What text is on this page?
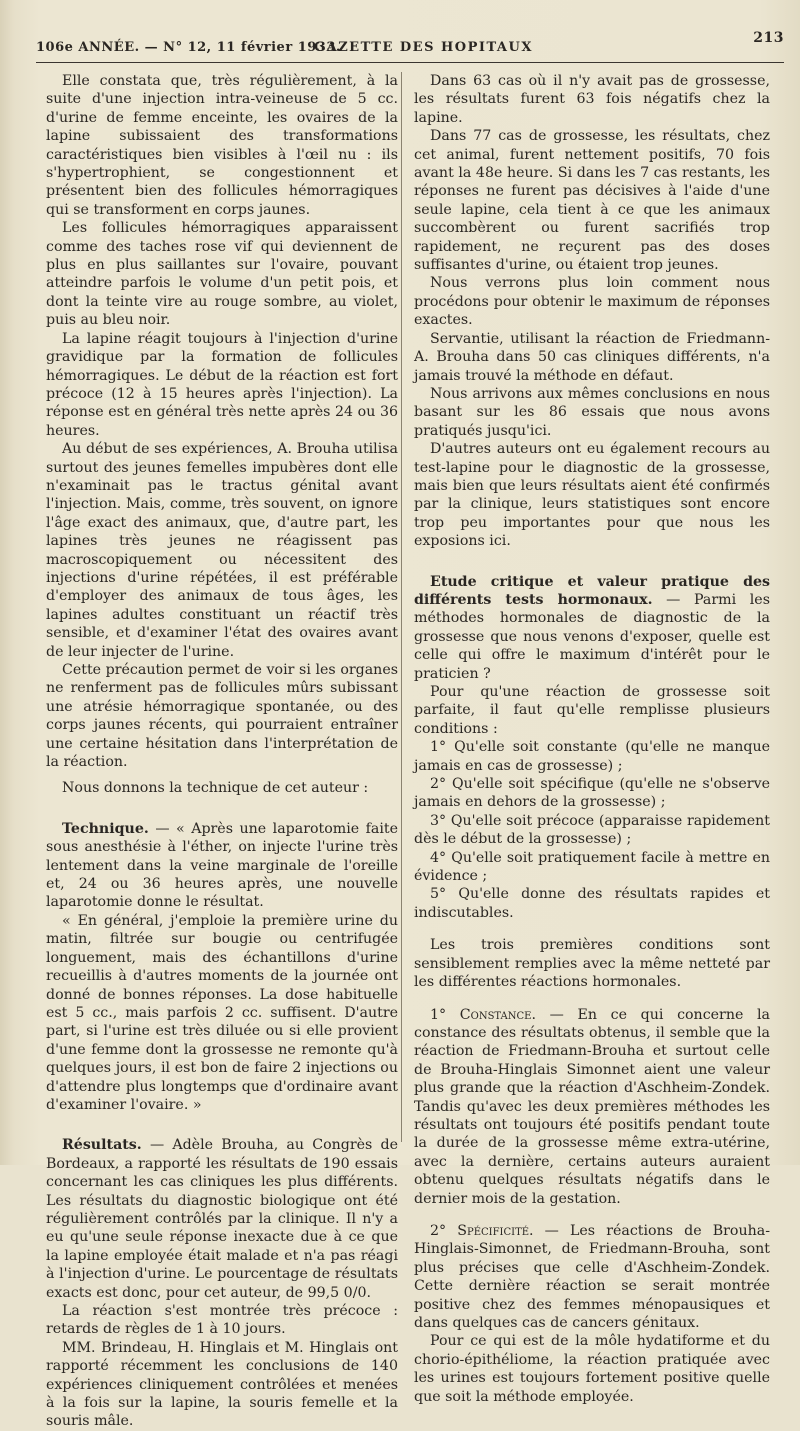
106e ANNÉE. — N° 12, 11 février 1933.
GAZETTE DES HOPITAUX
213

Elle constata que, très régulièrement, à la suite d'une injection intra-veineuse de 5 cc. d'urine de femme enceinte, les ovaires de la lapine subissaient des transformations caractéristiques bien visibles à l'œil nu : ils s'hypertrophient, se congestionnent et présentent bien des follicules hémorragiques qui se transforment en corps jaunes.

Les follicules hémorragiques apparaissent comme des taches rose vif qui deviennent de plus en plus saillantes sur l'ovaire, pouvant atteindre parfois le volume d'un petit pois, et dont la teinte vire au rouge sombre, au violet, puis au bleu noir.

La lapine réagit toujours à l'injection d'urine gravidique par la formation de follicules hémorragiques. Le début de la réaction est fort précoce (12 à 15 heures après l'injection). La réponse est en général très nette après 24 ou 36 heures.

Au début de ses expériences, A. Brouha utilisa surtout des jeunes femelles impubères dont elle n'examinait pas le tractus génital avant l'injection. Mais, comme, très souvent, on ignore l'âge exact des animaux, que, d'autre part, les lapines très jeunes ne réagissent pas macroscopiquement ou nécessitent des injections d'urine répétées, il est préférable d'employer des animaux de tous âges, les lapines adultes constituant un réactif très sensible, et d'examiner l'état des ovaires avant de leur injecter de l'urine.

Cette précaution permet de voir si les organes ne renferment pas de follicules mûrs subissant une atrésie hémorragique spontanée, ou des corps jaunes récents, qui pourraient entraîner une certaine hésitation dans l'interprétation de la réaction.

Nous donnons la technique de cet auteur :

Technique. — « Après une laparotomie faite sous anesthésie à l'éther, on injecte l'urine très lentement dans la veine marginale de l'oreille et, 24 ou 36 heures après, une nouvelle laparotomie donne le résultat.

« En général, j'emploie la première urine du matin, filtrée sur bougie ou centrifugée longuement, mais des échantillons d'urine recueillis à d'autres moments de la journée ont donné de bonnes réponses. La dose habituelle est 5 cc., mais parfois 2 cc. suffisent. D'autre part, si l'urine est très diluée ou si elle provient d'une femme dont la grossesse ne remonte qu'à quelques jours, il est bon de faire 2 injections ou d'attendre plus longtemps que d'ordinaire avant d'examiner l'ovaire. »

Résultats. — Adèle Brouha, au Congrès de Bordeaux, a rapporté les résultats de 190 essais concernant les cas cliniques les plus différents. Les résultats du diagnostic biologique ont été régulièrement contrôlés par la clinique. Il n'y a eu qu'une seule réponse inexacte due à ce que la lapine employée était malade et n'a pas réagi à l'injection d'urine. Le pourcentage de résultats exacts est donc, pour cet auteur, de 99,5 0/0.

La réaction s'est montrée très précoce : retards de règles de 1 à 10 jours.

MM. Brindeau, H. Hinglais et M. Hinglais ont rapporté récemment les conclusions de 140 expériences cliniquement contrôlées et menées à la fois sur la lapine, la souris femelle et la souris mâle.

Dans 63 cas où il n'y avait pas de grossesse, les résultats furent 63 fois négatifs chez la lapine.

Dans 77 cas de grossesse, les résultats, chez cet animal, furent nettement positifs, 70 fois avant la 48e heure. Si dans les 7 cas restants, les réponses ne furent pas décisives à l'aide d'une seule lapine, cela tient à ce que les animaux succombèrent ou furent sacrifiés trop rapidement, ne reçurent pas des doses suffisantes d'urine, ou étaient trop jeunes.

Nous verrons plus loin comment nous procédons pour obtenir le maximum de réponses exactes.

Servantie, utilisant la réaction de Friedmann-A. Brouha dans 50 cas cliniques différents, n'a jamais trouvé la méthode en défaut.

Nous arrivons aux mêmes conclusions en nous basant sur les 86 essais que nous avons pratiqués jusqu'ici.

D'autres auteurs ont eu également recours au test-lapine pour le diagnostic de la grossesse, mais bien que leurs résultats aient été confirmés par la clinique, leurs statistiques sont encore trop peu importantes pour que nous les exposions ici.

Etude critique et valeur pratique des différents tests hormonaux. — Parmi les méthodes hormonales de diagnostic de la grossesse que nous venons d'exposer, quelle est celle qui offre le maximum d'intérêt pour le praticien ?

Pour qu'une réaction de grossesse soit parfaite, il faut qu'elle remplisse plusieurs conditions :

1° Qu'elle soit constante (qu'elle ne manque jamais en cas de grossesse) ;

2° Qu'elle soit spécifique (qu'elle ne s'observe jamais en dehors de la grossesse) ;

3° Qu'elle soit précoce (apparaisse rapidement dès le début de la grossesse) ;

4° Qu'elle soit pratiquement facile à mettre en évidence ;

5° Qu'elle donne des résultats rapides et indiscutables.

Les trois premières conditions sont sensiblement remplies avec la même netteté par les différentes réactions hormonales.

1° Constance. — En ce qui concerne la constance des résultats obtenus, il semble que la réaction de Friedmann-Brouha et surtout celle de Brouha-Hinglais Simonnet aient une valeur plus grande que la réaction d'Aschheim-Zondek. Tandis qu'avec les deux premières méthodes les résultats ont toujours été positifs pendant toute la durée de la grossesse même extra-utérine, avec la dernière, certains auteurs auraient obtenu quelques résultats négatifs dans le dernier mois de la gestation.

2° Spécificité. — Les réactions de Brouha-Hinglais-Simonnet, de Friedmann-Brouha, sont plus précises que celle d'Aschheim-Zondek. Cette dernière réaction se serait montrée positive chez des femmes ménopausiques et dans quelques cas de cancers génitaux.

Pour ce qui est de la môle hydatiforme et du chorio-épithéliome, la réaction pratiquée avec les urines est toujours fortement positive quelle que soit la méthode employée.
